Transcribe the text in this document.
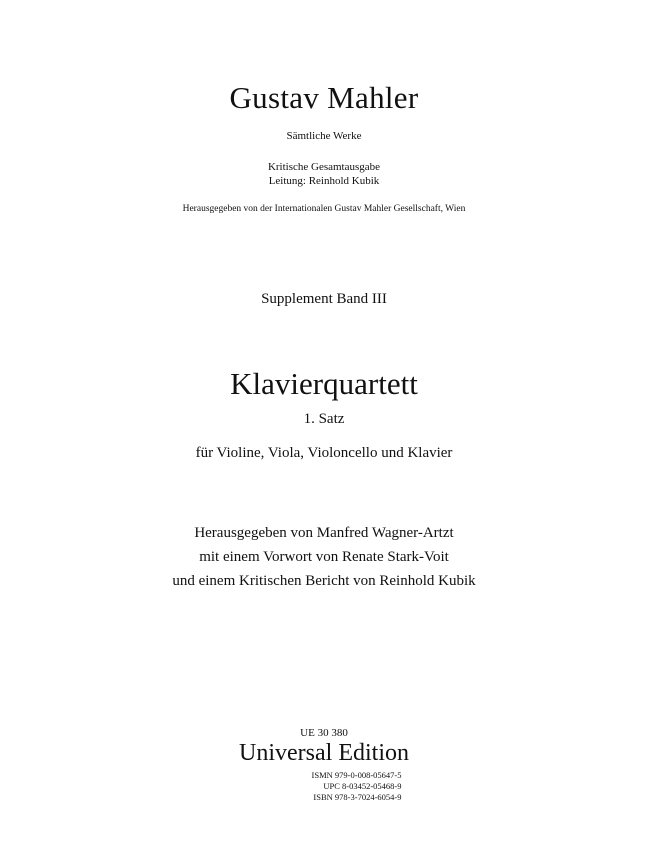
Gustav Mahler
Sämtliche Werke
Kritische Gesamtausgabe
Leitung: Reinhold Kubik
Herausgegeben von der Internationalen Gustav Mahler Gesellschaft, Wien
Supplement Band III
Klavierquartett
1. Satz
für Violine, Viola, Violoncello und Klavier
Herausgegeben von Manfred Wagner-Artzt
mit einem Vorwort von Renate Stark-Voit
und einem Kritischen Bericht von Reinhold Kubik
UE 30 380
Universal Edition
ISMN 979-0-008-05647-5
UPC 8-03452-05468-9
ISBN 978-3-7024-6054-9
